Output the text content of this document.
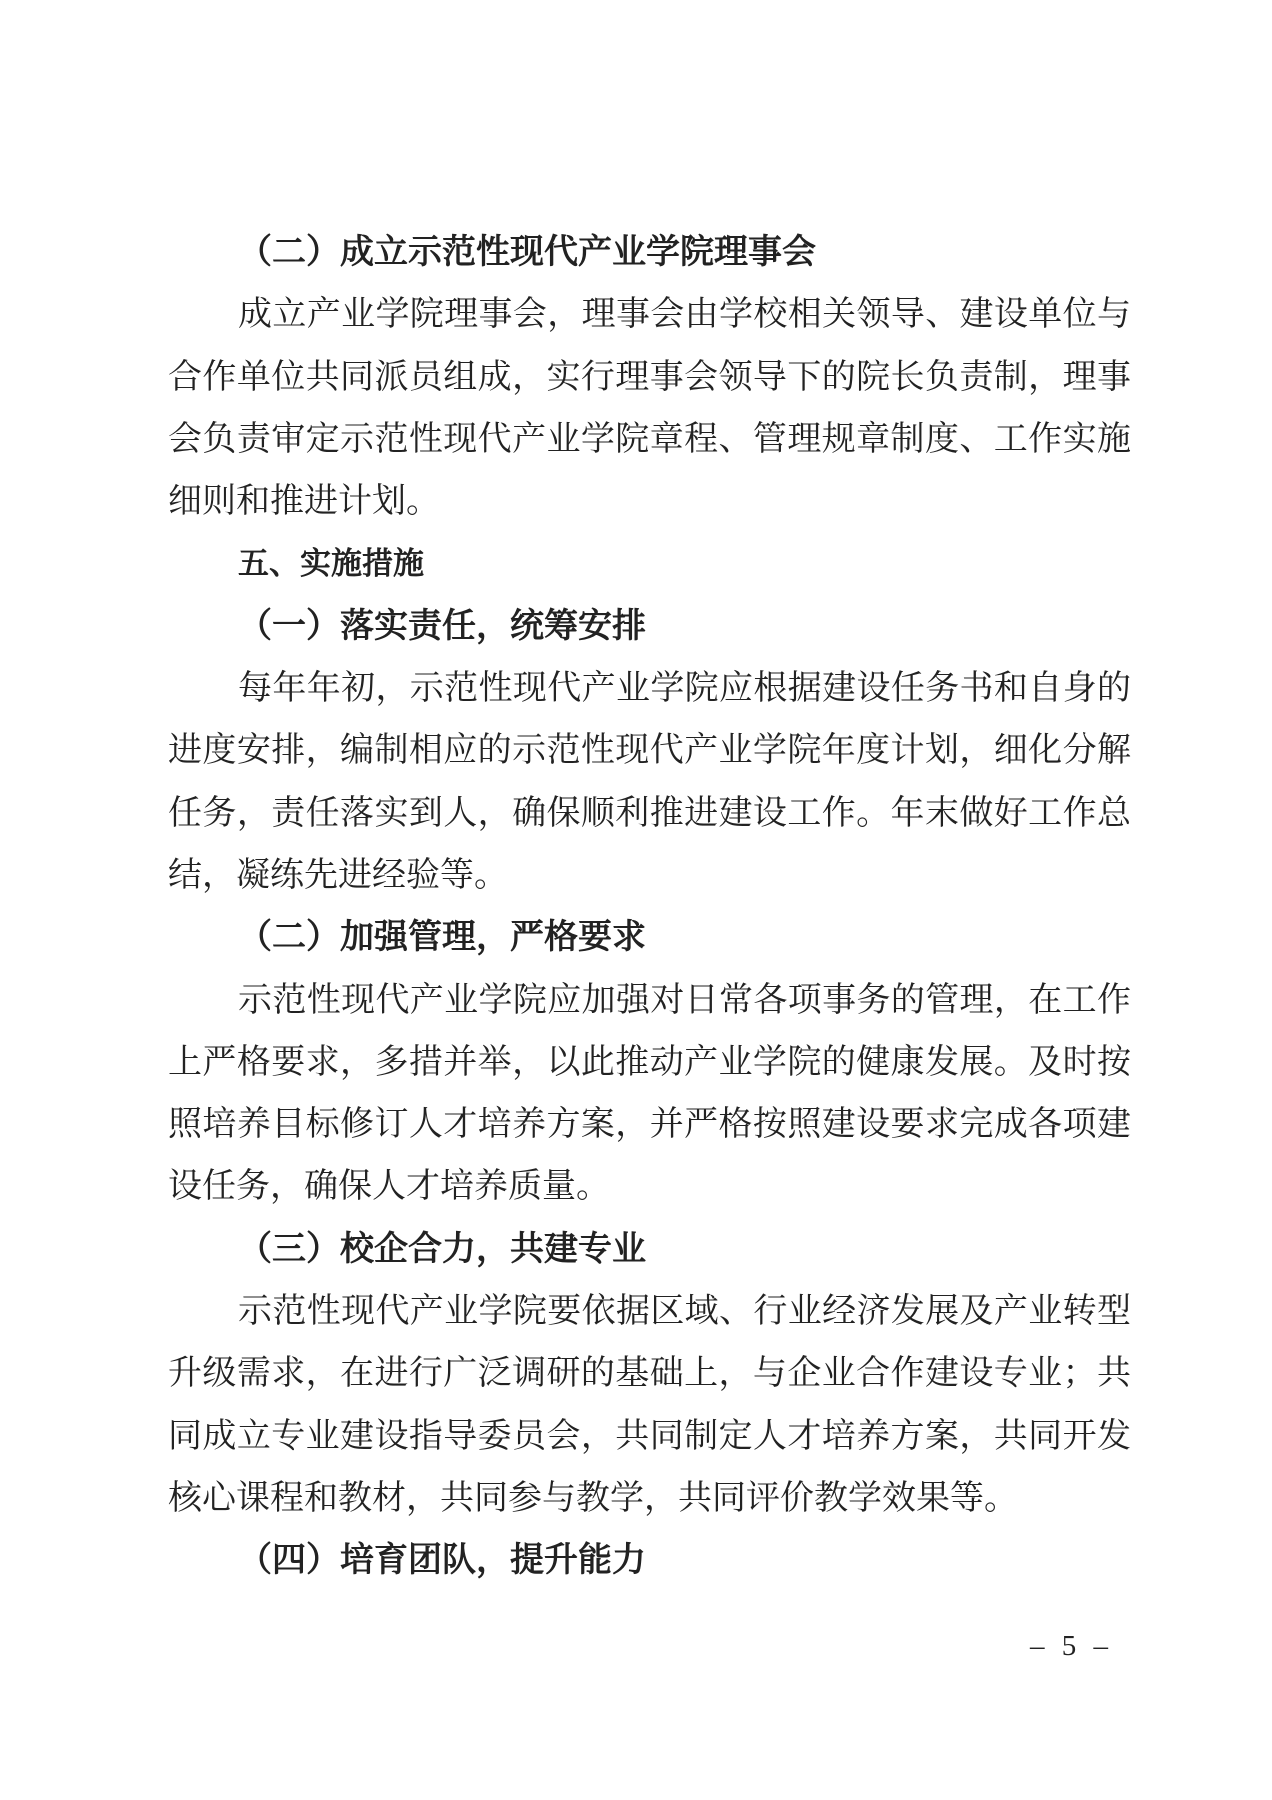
（二）成立示范性现代产业学院理事会
成立产业学院理事会，理事会由学校相关领导、建设单位与
合作单位共同派员组成，实行理事会领导下的院长负责制，理事
会负责审定示范性现代产业学院章程、管理规章制度、工作实施
细则和推进计划。
五、实施措施
（一）落实责任，统筹安排
每年年初，示范性现代产业学院应根据建设任务书和自身的
进度安排，编制相应的示范性现代产业学院年度计划，细化分解
任务，责任落实到人，确保顺利推进建设工作。年末做好工作总
结，凝练先进经验等。
（二）加强管理，严格要求
示范性现代产业学院应加强对日常各项事务的管理，在工作
上严格要求，多措并举，以此推动产业学院的健康发展。及时按
照培养目标修订人才培养方案，并严格按照建设要求完成各项建
设任务，确保人才培养质量。
（三）校企合力，共建专业
示范性现代产业学院要依据区域、行业经济发展及产业转型
升级需求，在进行广泛调研的基础上，与企业合作建设专业；共
同成立专业建设指导委员会，共同制定人才培养方案，共同开发
核心课程和教材，共同参与教学，共同评价教学效果等。
（四）培育团队，提升能力
– 5 –
